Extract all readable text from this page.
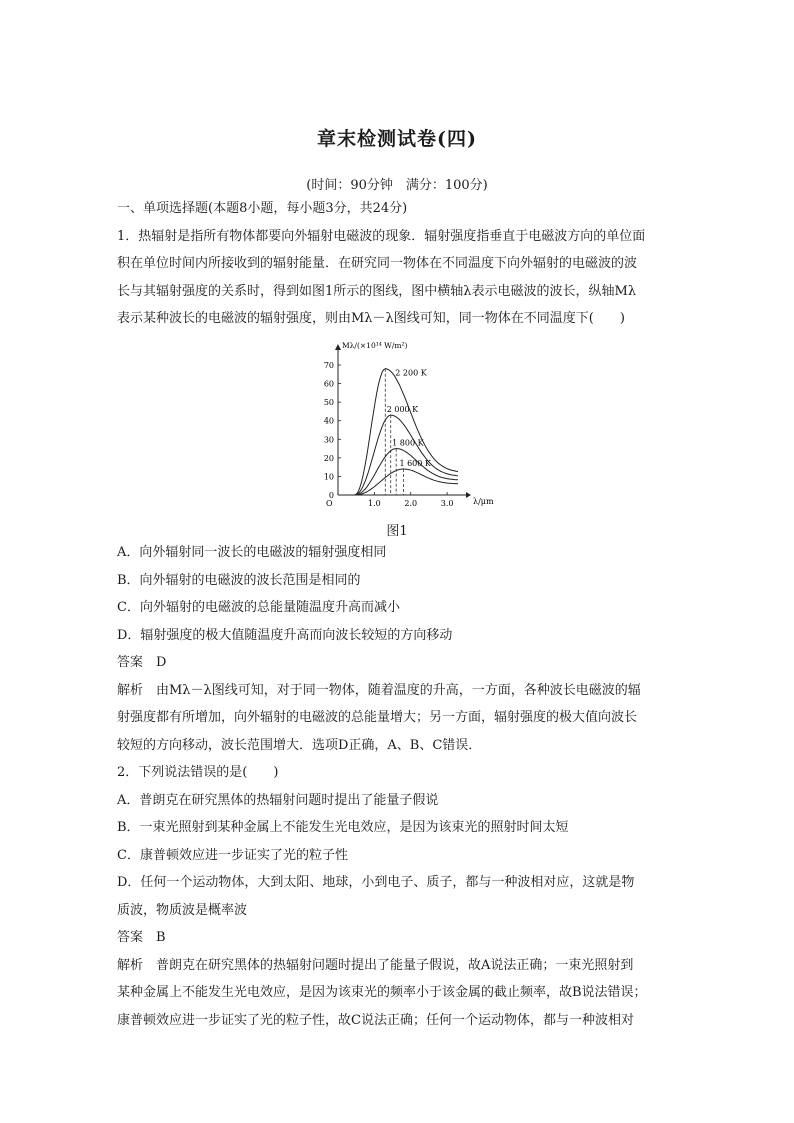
章末检测试卷(四)
(时间：90分钟　满分：100分)
一、单项选择题(本题8小题，每小题3分，共24分)
1．热辐射是指所有物体都要向外辐射电磁波的现象．辐射强度指垂直于电磁波方向的单位面
积在单位时间内所接收到的辐射能量．在研究同一物体在不同温度下向外辐射的电磁波的波
长与其辐射强度的关系时，得到如图1所示的图线，图中横轴λ表示电磁波的波长，纵轴Mλ
表示某种波长的电磁波的辐射强度，则由Mλ－λ图线可知，同一物体在不同温度下(　　)
Mλ/(×10¹⁴ W/m²)
λ/μm
O
0
10
20
30
40
50
60
70
1.0	2.0	3.0
2 200 K
2 000 K
1 800 K
1 600 K
图1
A．向外辐射同一波长的电磁波的辐射强度相同
B．向外辐射的电磁波的波长范围是相同的
C．向外辐射的电磁波的总能量随温度升高而减小
D．辐射强度的极大值随温度升高而向波长较短的方向移动
答案　D
解析　由Mλ－λ图线可知，对于同一物体，随着温度的升高，一方面，各种波长电磁波的辐
射强度都有所增加，向外辐射的电磁波的总能量增大；另一方面，辐射强度的极大值向波长
较短的方向移动，波长范围增大．选项D正确，A、B、C错误．
2．下列说法错误的是(　　)
A．普朗克在研究黑体的热辐射问题时提出了能量子假说
B．一束光照射到某种金属上不能发生光电效应，是因为该束光的照射时间太短
C．康普顿效应进一步证实了光的粒子性
D．任何一个运动物体，大到太阳、地球，小到电子、质子，都与一种波相对应，这就是物
质波，物质波是概率波
答案　B
解析　普朗克在研究黑体的热辐射问题时提出了能量子假说，故A说法正确；一束光照射到
某种金属上不能发生光电效应，是因为该束光的频率小于该金属的截止频率，故B说法错误；
康普顿效应进一步证实了光的粒子性，故C说法正确；任何一个运动物体，都与一种波相对
